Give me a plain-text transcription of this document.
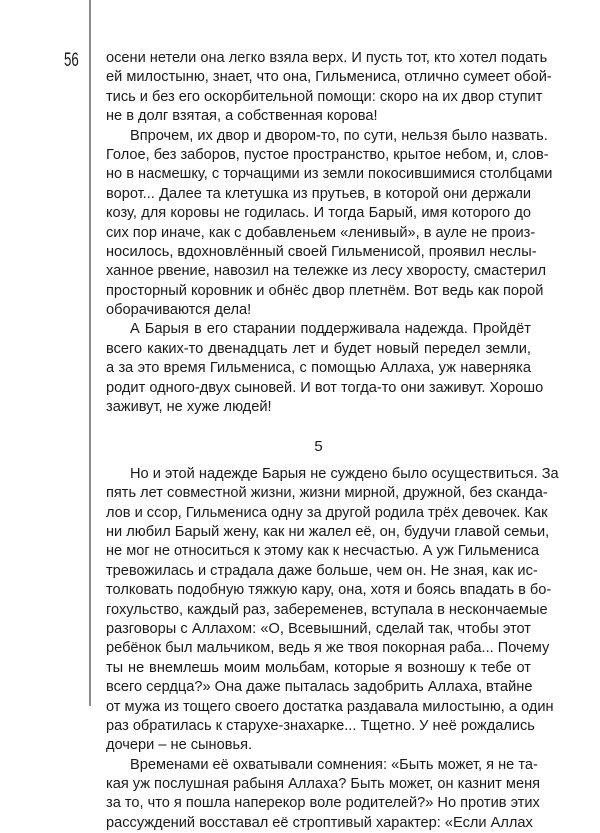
56 осени нетели она легко взяла верх. И пусть тот, кто хотел подать
ей милостыню, знает, что она, Гильмениса, отлично сумеет обой-
тись и без его оскорбительной помощи: скоро на их двор ступит
не в долг взятая, а собственная корова!
Впрочем, их двор и двором-то, по сути, нельзя было назвать.
Голое, без заборов, пустое пространство, крытое небом, и, слов-
но в насмешку, с торчащими из земли покосившимися столбцами
ворот... Далее та клетушка из прутьев, в которой они держали
козу, для коровы не годилась. И тогда Барый, имя которого до
сих пор иначе, как с добавленьем «ленивый», в ауле не произ-
носилось, вдохновлённый своей Гильменисой, проявил неслы-
ханное рвение, навозил на тележке из лесу хворосту, смастерил
просторный коровник и обнёс двор плетнём. Вот ведь как порой
оборачиваются дела!
А Барыя в его старании поддерживала надежда. Пройдёт
всего каких-то двенадцать лет и будет новый передел земли,
а за это время Гильмениса, с помощью Аллаха, уж наверняка
родит одного-двух сыновей. И вот тогда-то они заживут. Хорошо
заживут, не хуже людей!
5
Но и этой надежде Барыя не суждено было осуществиться. За
пять лет совместной жизни, жизни мирной, дружной, без сканда-
лов и ссор, Гильмениса одну за другой родила трёх девочек. Как
ни любил Барый жену, как ни жалел её, он, будучи главой семьи,
не мог не относиться к этому как к несчастью. А уж Гильмениса
тревожилась и страдала даже больше, чем он. Не зная, как ис-
толковать подобную тяжкую кару, она, хотя и боясь впадать в бо-
гохульство, каждый раз, забеременев, вступала в нескончаемые
разговоры с Аллахом: «О, Всевышний, сделай так, чтобы этот
ребёнок был мальчиком, ведь я же твоя покорная раба... Почему
ты не внемлешь моим мольбам, которые я возношу к тебе от
всего сердца?» Она даже пыталась задобрить Аллаха, втайне
от мужа из тощего своего достатка раздавала милостыню, а один
раз обратилась к старухе-знахарке... Тщетно. У неё рождались
дочери – не сыновья.
Временами её охватывали сомнения: «Быть может, я не та-
кая уж послушная рабыня Аллаха? Быть может, он казнит меня
за то, что я пошла наперекор воле родителей?» Но против этих
рассуждений восставал её строптивый характер: «Если Аллах
